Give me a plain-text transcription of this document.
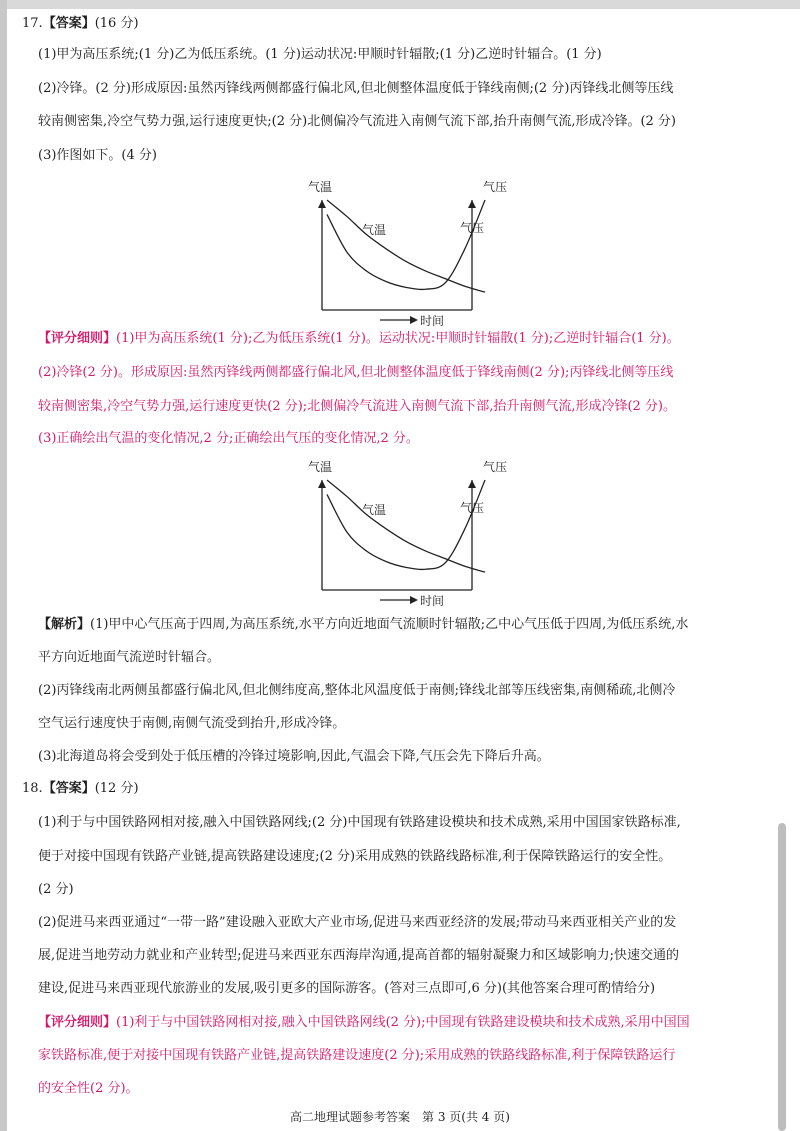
17.【答案】(16 分)
(1)甲为高压系统;(1 分)乙为低压系统。(1 分)运动状况:甲顺时针辐散;(1 分)乙逆时针辐合。(1 分)
(2)冷锋。(2 分)形成原因:虽然丙锋线两侧都盛行偏北风,但北侧整体温度低于锋线南侧;(2 分)丙锋线北侧等压线
较南侧密集,冷空气势力强,运行速度更快;(2 分)北侧偏冷气流进入南侧气流下部,抬升南侧气流,形成冷锋。(2 分)
(3)作图如下。(4 分)
气温	气压
气温	气压
时间
【评分细则】(1)甲为高压系统(1 分);乙为低压系统(1 分)。运动状况:甲顺时针辐散(1 分);乙逆时针辐合(1 分)。
(2)冷锋(2 分)。形成原因:虽然丙锋线两侧都盛行偏北风,但北侧整体温度低于锋线南侧(2 分);丙锋线北侧等压线
较南侧密集,冷空气势力强,运行速度更快(2 分);北侧偏冷气流进入南侧气流下部,抬升南侧气流,形成冷锋(2 分)。
(3)正确绘出气温的变化情况,2 分;正确绘出气压的变化情况,2 分。
气温	气压
气温	气压
时间
【解析】(1)甲中心气压高于四周,为高压系统,水平方向近地面气流顺时针辐散;乙中心气压低于四周,为低压系统,水
平方向近地面气流逆时针辐合。
(2)丙锋线南北两侧虽都盛行偏北风,但北侧纬度高,整体北风温度低于南侧;锋线北部等压线密集,南侧稀疏,北侧冷
空气运行速度快于南侧,南侧气流受到抬升,形成冷锋。
(3)北海道岛将会受到处于低压槽的冷锋过境影响,因此,气温会下降,气压会先下降后升高。
18.【答案】(12 分)
(1)利于与中国铁路网相对接,融入中国铁路网线;(2 分)中国现有铁路建设模块和技术成熟,采用中国国家铁路标准,
便于对接中国现有铁路产业链,提高铁路建设速度;(2 分)采用成熟的铁路线路标准,利于保障铁路运行的安全性。
(2 分)
(2)促进马来西亚通过“一带一路”建设融入亚欧大产业市场,促进马来西亚经济的发展;带动马来西亚相关产业的发
展,促进当地劳动力就业和产业转型;促进马来西亚东西海岸沟通,提高首都的辐射凝聚力和区域影响力;快速交通的
建设,促进马来西亚现代旅游业的发展,吸引更多的国际游客。(答对三点即可,6 分)(其他答案合理可酌情给分)
【评分细则】(1)利于与中国铁路网相对接,融入中国铁路网线(2 分);中国现有铁路建设模块和技术成熟,采用中国国
家铁路标准,便于对接中国现有铁路产业链,提高铁路建设速度(2 分);采用成熟的铁路线路标准,利于保障铁路运行
的安全性(2 分)。
高二地理试题参考答案　第 3 页(共 4 页)
